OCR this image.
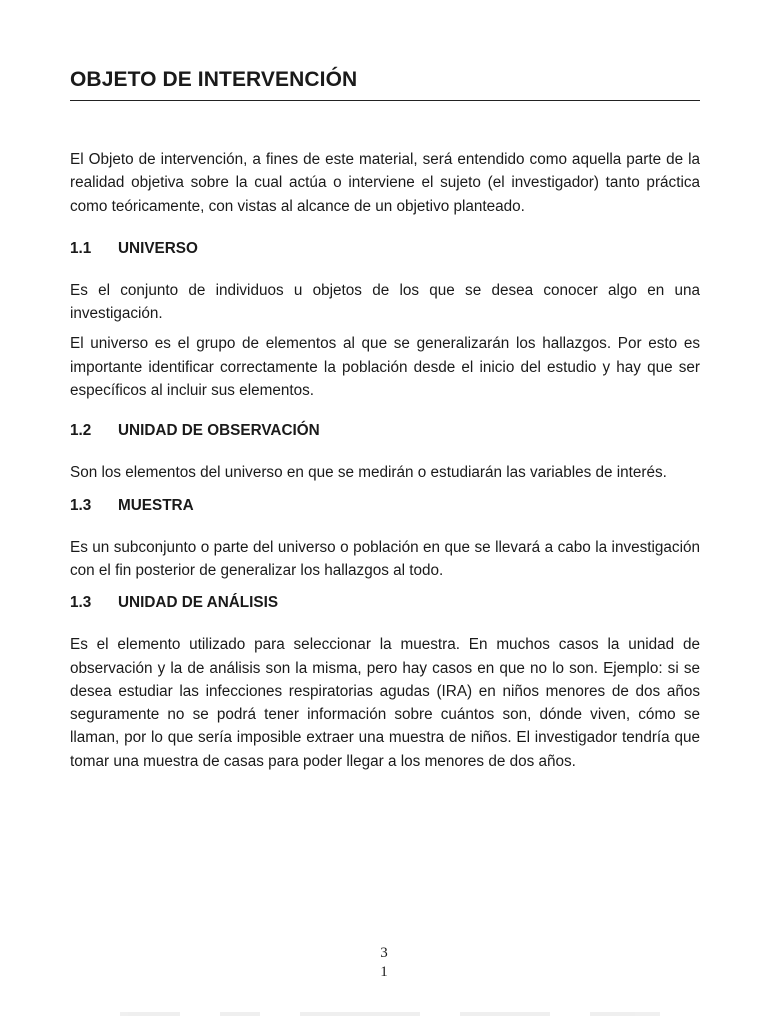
OBJETO DE INTERVENCIÓN

El Objeto de intervención, a fines de este material, será entendido como aquella parte de la realidad objetiva sobre la cual actúa o interviene el sujeto (el investigador) tanto práctica como teóricamente, con vistas al alcance de un objetivo planteado.

1.1	UNIVERSO

Es el conjunto de individuos u objetos de los que se desea conocer algo en una investigación.

El universo es el grupo de elementos al que se generalizarán los hallazgos. Por esto es importante identificar correctamente la población desde el inicio del estudio y hay que ser específicos al incluir sus elementos.

1.2	UNIDAD DE OBSERVACIÓN

Son los elementos del universo en que se medirán o estudiarán las variables de interés.

1.3	MUESTRA

Es un subconjunto o parte del universo o población en que se llevará a cabo la investigación con el fin posterior de generalizar los hallazgos al todo.

1.3	UNIDAD DE ANÁLISIS

Es el elemento utilizado para seleccionar la muestra. En muchos casos la unidad de observación y la de análisis son la misma, pero hay casos en que no lo son. Ejemplo: si se desea estudiar las infecciones respiratorias agudas (IRA) en niños menores de dos años seguramente no se podrá tener información sobre cuántos son, dónde viven, cómo se llaman, por lo que sería imposible extraer una muestra de niños. El investigador tendría que tomar una muestra de casas para poder llegar a los menores de dos años.

3
1
